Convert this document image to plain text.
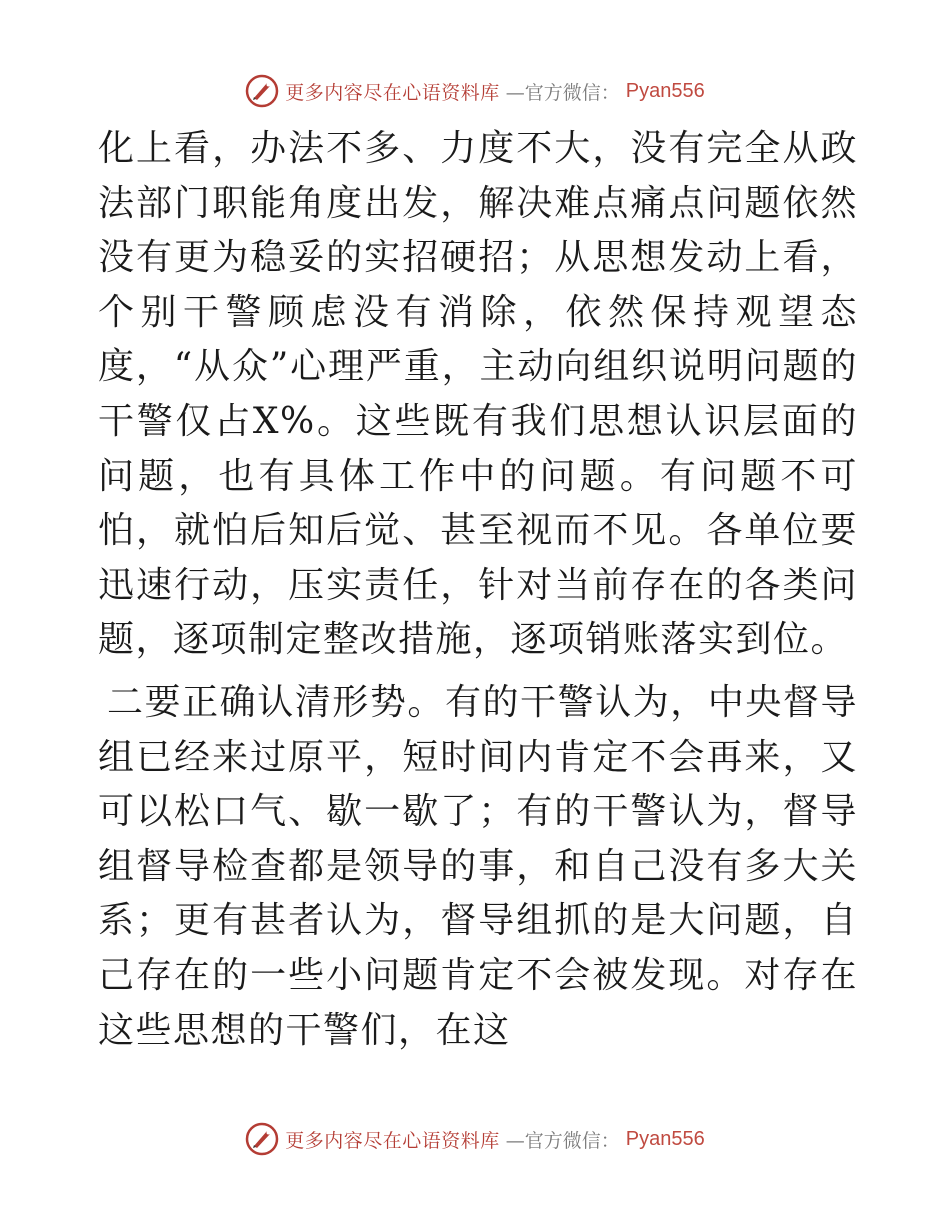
更多内容尽在心语资料库 —官方微信： Pyan556

化上看，办法不多、力度不大，没有完全从政法部门职能角度出发，解决难点痛点问题依然没有更为稳妥的实招硬招；从思想发动上看，个别干警顾虑没有消除，依然保持观望态度，“从众”心理严重，主动向组织说明问题的干警仅占X%。这些既有我们思想认识层面的问题，也有具体工作中的问题。有问题不可怕，就怕后知后觉、甚至视而不见。各单位要迅速行动，压实责任，针对当前存在的各类问题，逐项制定整改措施，逐项销账落实到位。

二要正确认清形势。有的干警认为，中央督导组已经来过原平，短时间内肯定不会再来，又可以松口气、歇一歇了；有的干警认为，督导组督导检查都是领导的事，和自己没有多大关系；更有甚者认为，督导组抓的是大问题，自己存在的一些小问题肯定不会被发现。对存在这些思想的干警们，在这

更多内容尽在心语资料库 —官方微信： Pyan556
